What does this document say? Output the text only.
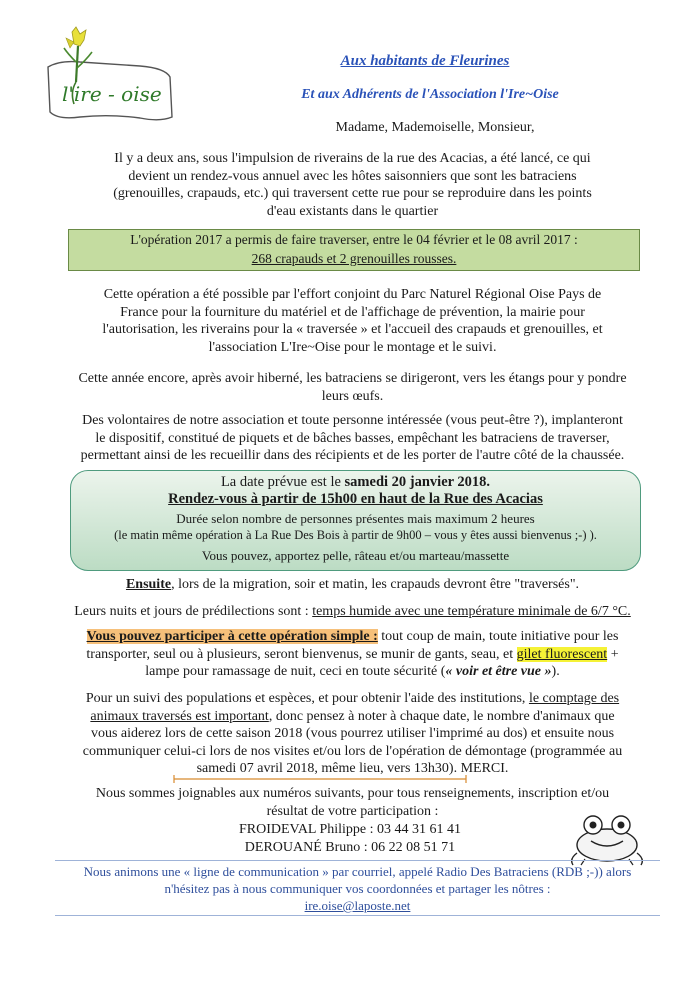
l'ire - oise
Aux habitants de Fleurines
Et aux Adhérents de l'Association l'Ire~Oise
Madame, Mademoiselle, Monsieur,
Il y a deux ans, sous l'impulsion de riverains de la rue des Acacias, a été lancé, ce qui
devient un rendez-vous annuel avec les hôtes saisonniers que sont les batraciens
(grenouilles, crapauds, etc.) qui traversent cette rue pour se reproduire dans les points
d'eau existants dans le quartier
L'opération 2017 a permis de faire traverser, entre le 04 février et le 08 avril 2017 :
268 crapauds et 2 grenouilles rousses.
Cette opération a été possible par l'effort conjoint du Parc Naturel Régional Oise Pays de
France pour la fourniture du matériel et de l'affichage de prévention, la mairie pour
l'autorisation, les riverains pour la « traversée » et l'accueil des crapauds et grenouilles, et
l'association L'Ire~Oise pour le montage et le suivi.
Cette année encore, après avoir hiberné, les batraciens se dirigeront, vers les étangs pour y pondre
leurs œufs.
Des volontaires de notre association et toute personne intéressée (vous peut-être ?), implanteront
le dispositif, constitué de piquets et de bâches basses, empêchant les batraciens de traverser,
permettant ainsi de les recueillir dans des récipients et de les porter de l'autre côté de la chaussée.
La date prévue est le samedi 20 janvier 2018.
Rendez-vous à partir de 15h00 en haut de la Rue des Acacias
Durée selon nombre de personnes présentes mais maximum 2 heures
(le matin même opération à La Rue Des Bois à partir de 9h00 – vous y êtes aussi bienvenus ;-) ).
Vous pouvez, apportez pelle, râteau et/ou marteau/massette
Ensuite, lors de la migration, soir et matin, les crapauds devront être "traversés".
Leurs nuits et jours de prédilections sont : temps humide avec une température minimale de 6/7 °C.
Vous pouvez participer à cette opération simple : tout coup de main, toute initiative pour les
transporter, seul ou à plusieurs, seront bienvenus, se munir de gants, seau, et gilet fluorescent +
lampe pour ramassage de nuit, ceci en toute sécurité (« voir et être vue »).
Pour un suivi des populations et espèces, et pour obtenir l'aide des institutions, le comptage des
animaux traversés est important, donc pensez à noter à chaque date, le nombre d'animaux que
vous aiderez lors de cette saison 2018 (vous pourrez utiliser l'imprimé au dos) et ensuite nous
communiquer celui-ci lors de nos visites et/ou lors de l'opération de démontage (programmée au
samedi 07 avril 2018, même lieu, vers 13h30). MERCI.
Nous sommes joignables aux numéros suivants, pour tous renseignements, inscription et/ou
résultat de votre participation :
FROIDEVAL Philippe : 03 44 31 61 41
DEROUANÉ Bruno : 06 22 08 51 71
Nous animons une « ligne de communication » par courriel, appelé Radio Des Batraciens (RDB ;-)) alors
n'hésitez pas à nous communiquer vos coordonnées et partager les nôtres :
ire.oise@laposte.net
